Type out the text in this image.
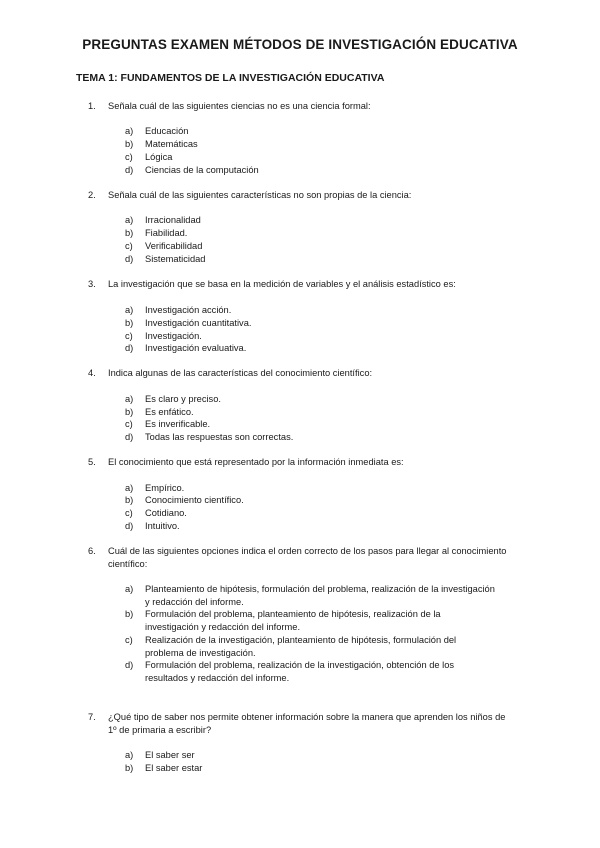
PREGUNTAS EXAMEN MÉTODOS DE INVESTIGACIÓN EDUCATIVA
TEMA 1: FUNDAMENTOS DE LA INVESTIGACIÓN EDUCATIVA
1. Señala cuál de las siguientes ciencias no es una ciencia formal:
a) Educación
b) Matemáticas
c) Lógica
d) Ciencias de la computación
2. Señala cuál de las siguientes características no son propias de la ciencia:
a) Irracionalidad
b) Fiabilidad.
c) Verificabilidad
d) Sistematicidad
3. La investigación que se basa en la medición de variables y el análisis estadístico es:
a) Investigación acción.
b) Investigación cuantitativa.
c) Investigación.
d) Investigación evaluativa.
4. Indica algunas de las características del conocimiento científico:
a) Es claro y preciso.
b) Es enfático.
c) Es inverificable.
d) Todas las respuestas son correctas.
5. El conocimiento que está representado por la información inmediata es:
a) Empírico.
b) Conocimiento científico.
c) Cotidiano.
d) Intuitivo.
6. Cuál de las siguientes opciones indica el orden correcto de los pasos para llegar al conocimiento científico:
a) Planteamiento de hipótesis, formulación del problema, realización de la investigación y redacción del informe.
b) Formulación del problema, planteamiento de hipótesis, realización de la investigación y redacción del informe.
c) Realización de la investigación, planteamiento de hipótesis, formulación del problema de investigación.
d) Formulación del problema, realización de la investigación, obtención de los resultados y redacción del informe.
7. ¿Qué tipo de saber nos permite obtener información sobre la manera que aprenden los niños de 1º de primaria a escribir?
a) El saber ser
b) El saber estar
